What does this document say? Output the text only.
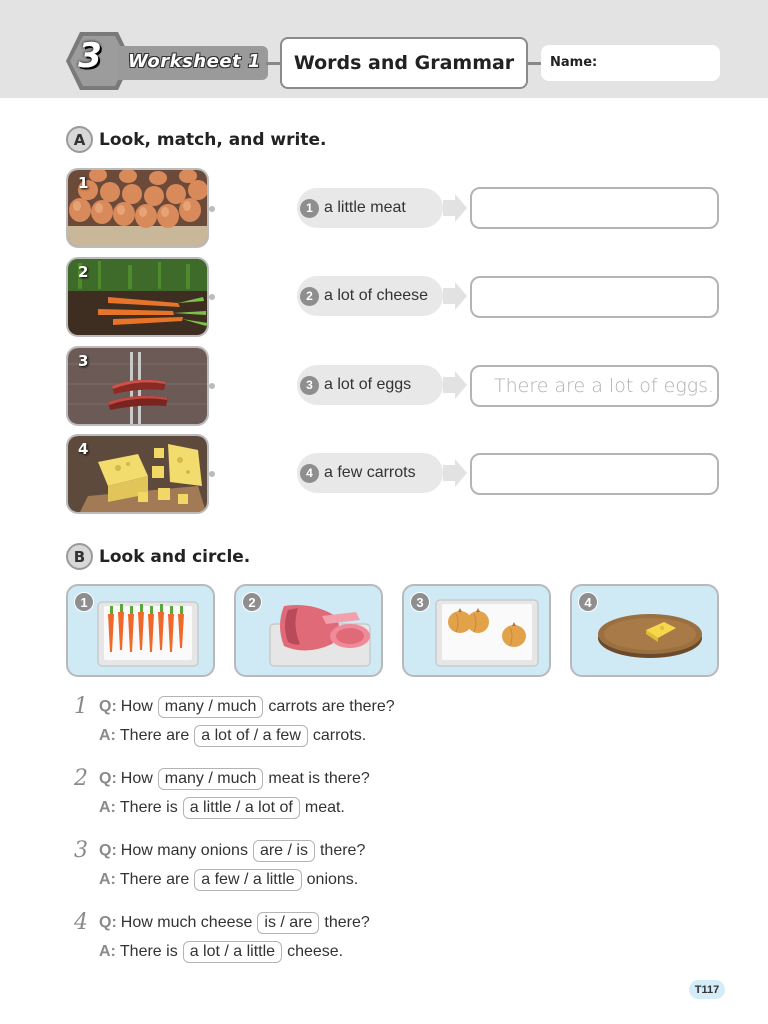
3	Worksheet 1 Words and Grammar	Name:
A Look, match, and write.
1
2
3
4
1 a little meat
2 a lot of cheese
3 a lot of eggs	There are a lot of eggs.
4 a few carrots
B Look and circle.
1	2	3	4
1 Q: How many / much carrots are there?
A: There are a lot of / a few carrots.
2 Q: How many / much meat is there?
A: There is a little / a lot of meat.
3 Q: How many onions are / is there?
A: There are a few / a little onions.
4 Q: How much cheese is / are there?
A: There is a lot / a little cheese.
T117
